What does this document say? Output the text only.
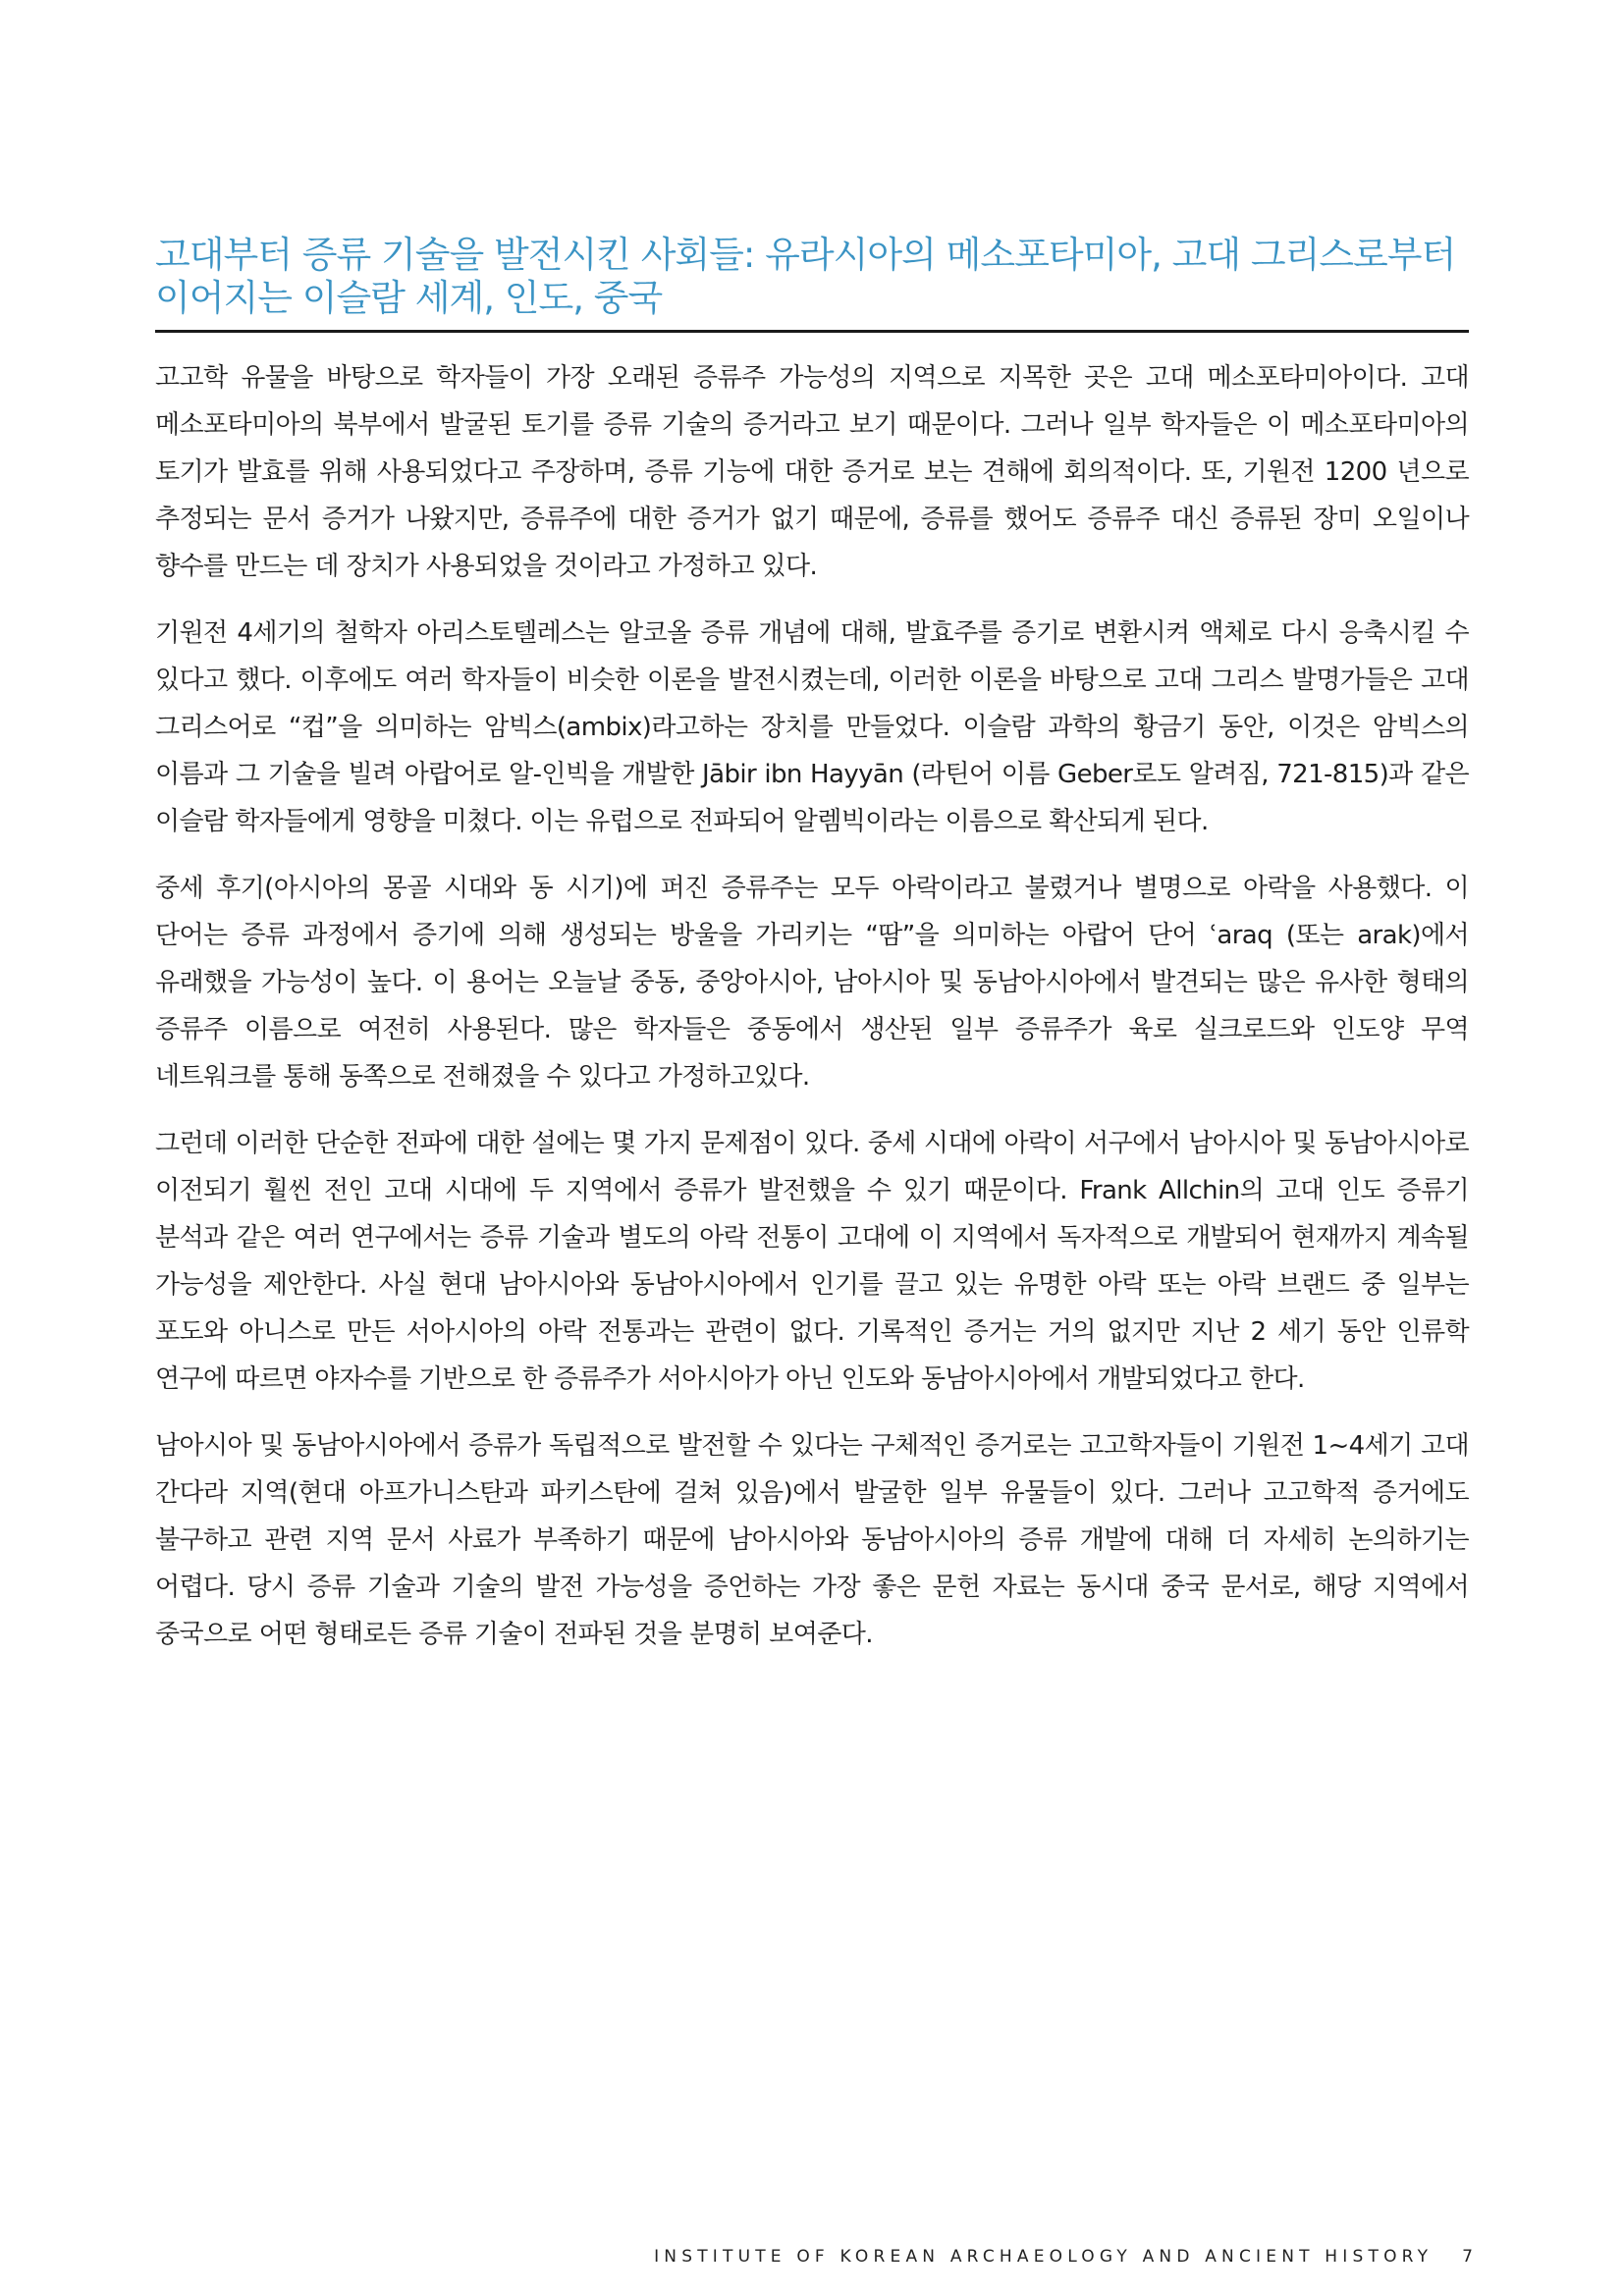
고대부터 증류 기술을 발전시킨 사회들: 유라시아의 메소포타미아, 고대 그리스로부터 이어지는 이슬람 세계, 인도, 중국

고고학 유물을 바탕으로 학자들이 가장 오래된 증류주 가능성의 지역으로 지목한 곳은 고대 메소포타미아이다. 고대 메소포타미아의 북부에서 발굴된 토기를 증류 기술의 증거라고 보기 때문이다. 그러나 일부 학자들은 이 메소포타미아의 토기가 발효를 위해 사용되었다고 주장하며, 증류 기능에 대한 증거로 보는 견해에 회의적이다. 또, 기원전 1200 년으로 추정되는 문서 증거가 나왔지만, 증류주에 대한 증거가 없기 때문에, 증류를 했어도 증류주 대신 증류된 장미 오일이나 향수를 만드는 데 장치가 사용되었을 것이라고 가정하고 있다.

기원전 4세기의 철학자 아리스토텔레스는 알코올 증류 개념에 대해, 발효주를 증기로 변환시켜 액체로 다시 응축시킬 수 있다고 했다. 이후에도 여러 학자들이 비슷한 이론을 발전시켰는데, 이러한 이론을 바탕으로 고대 그리스 발명가들은 고대 그리스어로 “컵”을 의미하는 암빅스(ambix)라고하는 장치를 만들었다. 이슬람 과학의 황금기 동안, 이것은 암빅스의 이름과 그 기술을 빌려 아랍어로 알-인빅을 개발한 Jābir ibn Hayyān (라틴어 이름 Geber로도 알려짐, 721-815)과 같은 이슬람 학자들에게 영향을 미쳤다. 이는 유럽으로 전파되어 알렘빅이라는 이름으로 확산되게 된다.

중세 후기(아시아의 몽골 시대와 동 시기)에 퍼진 증류주는 모두 아락이라고 불렸거나 별명으로 아락을 사용했다. 이 단어는 증류 과정에서 증기에 의해 생성되는 방울을 가리키는 “땀”을 의미하는 아랍어 단어 ʿaraq (또는 arak)에서 유래했을 가능성이 높다. 이 용어는 오늘날 중동, 중앙아시아, 남아시아 및 동남아시아에서 발견되는 많은 유사한 형태의 증류주 이름으로 여전히 사용된다. 많은 학자들은 중동에서 생산된 일부 증류주가 육로 실크로드와 인도양 무역 네트워크를 통해 동쪽으로 전해졌을 수 있다고 가정하고있다.

그런데 이러한 단순한 전파에 대한 설에는 몇 가지 문제점이 있다. 중세 시대에 아락이 서구에서 남아시아 및 동남아시아로 이전되기 훨씬 전인 고대 시대에 두 지역에서 증류가 발전했을 수 있기 때문이다. Frank Allchin의 고대 인도 증류기 분석과 같은 여러 연구에서는 증류 기술과 별도의 아락 전통이 고대에 이 지역에서 독자적으로 개발되어 현재까지 계속될 가능성을 제안한다. 사실 현대 남아시아와 동남아시아에서 인기를 끌고 있는 유명한 아락 또는 아락 브랜드 중 일부는 포도와 아니스로 만든 서아시아의 아락 전통과는 관련이 없다. 기록적인 증거는 거의 없지만 지난 2 세기 동안 인류학 연구에 따르면 야자수를 기반으로 한 증류주가 서아시아가 아닌 인도와 동남아시아에서 개발되었다고 한다.

남아시아 및 동남아시아에서 증류가 독립적으로 발전할 수 있다는 구체적인 증거로는 고고학자들이 기원전 1~4세기 고대 간다라 지역(현대 아프가니스탄과 파키스탄에 걸쳐 있음)에서 발굴한 일부 유물들이 있다. 그러나 고고학적 증거에도 불구하고 관련 지역 문서 사료가 부족하기 때문에 남아시아와 동남아시아의 증류 개발에 대해 더 자세히 논의하기는 어렵다. 당시 증류 기술과 기술의 발전 가능성을 증언하는 가장 좋은 문헌 자료는 동시대 중국 문서로, 해당 지역에서 중국으로 어떤 형태로든 증류 기술이 전파된 것을 분명히 보여준다.

INSTITUTE OF KOREAN ARCHAEOLOGY AND ANCIENT HISTORY 7
